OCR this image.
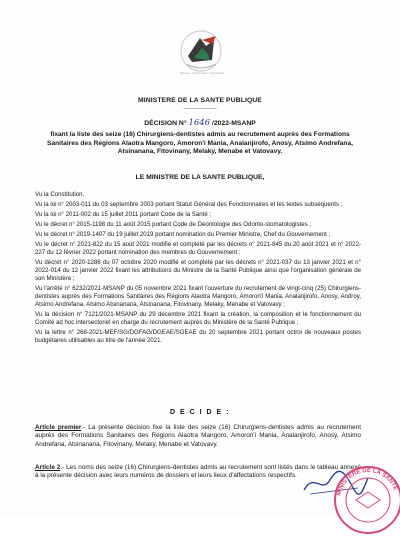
Fitiavana - Tanindrazana - Fandrosoana
MINISTERE DE LA SANTE PUBLIQUE
--------------------
DÉCISION N° 1646 /2022-MSANP
fixant la liste des seize (16) Chirurgiens-dentistes admis au recrutement auprès des Formations Sanitaires des Régions Alaotra Mangoro, Amoron'i Mania, Analanjirofo, Anosy, Atsimo Andrefana, Atsinanana, Fitovinany, Melaky, Menabe et Vatovavy.
LE MINISTRE DE LA SANTE PUBLIQUE,

Vu la Constitution,

Vu la loi n° 2003-011 du 03 septembre 2003 portant Statut Général des Fonctionnaires et les textes subséquents ;

Vu la loi n° 2011-002 du 15 juillet 2011 portant Code de la Santé ;

Vu le décret n° 2015-1198 du 11 août 2015 portant Code de Deontologie des Odonto-stomatologistes ;

Vu le décret n° 2019-1407 du 19 juillet 2019 portant nomination du Premier Ministre, Chef du Gouvernement ;

Vu le décret n° 2021-822 du 15 août 2021 modifié et complété par les décrets n° 2021-845 du 20 août 2021 et n° 2022-227 du 12 février 2022 portant nomination des membres du Gouvernement ;

Vu décret n° 2020-1286 du 07 octobre 2020 modifié et complété par les décrets n° 2021-037 du 13 janvier 2021 et n° 2022-014 du 12 janvier 2022 fixant les attributions du Ministre de la Santé Publique ainsi que l'organisation générale de son Ministère ;

Vu l'arrêté n° 6232/2021-MSANP du 05 novembre 2021 fixant l'ouverture du recrutement de vingt-cinq (25) Chirurgiens-dentistes auprès des Formations Sanitaires des Régions Alaotra Mangoro, Amoron'i Mania, Analanjirofo, Anosy, Androy, Atsimo Andrefana, Atsimo Atsinanana, Atsinanana, Fitovinany, Melaky, Menabe et Vatovavy ;

Vu la décision n° 7121/2021-MSANP du 29 décembre 2021 fixant la création, la composition et le fonctionnement du Comité ad hoc intersectoriel en charge du recrutement auprès du Ministère de la Santé Publique ;

Vu la lettre n° 268-2021-MEF/SG/DGFAG/DGEAE/SGEAE du 20 septembre 2021 portant octroi de nouveaux postes budgétaires utilisables au titre de l'année 2021.

D E C I D E :
Article premier.- La présente décision fixe la liste des seize (16) Chirurgiens-dentistes admis au recrutement auprès des Formations Sanitaires des Régions Alaotra Mangoro, Amoron'i Mania, Analanjirofo, Anosy, Atsimo Andrefana, Atsinanana, Fitovinany, Melaky, Menabe et Vatovavy.
Article 2.- Les noms des seize (16) Chirurgiens-dentistes admis au recrutement sont listés dans le tableau annexé à la présente décision avec leurs numéros de dossiers et leurs lieux d'affectations respectifs.
MINISTERE DE LA SANTE
